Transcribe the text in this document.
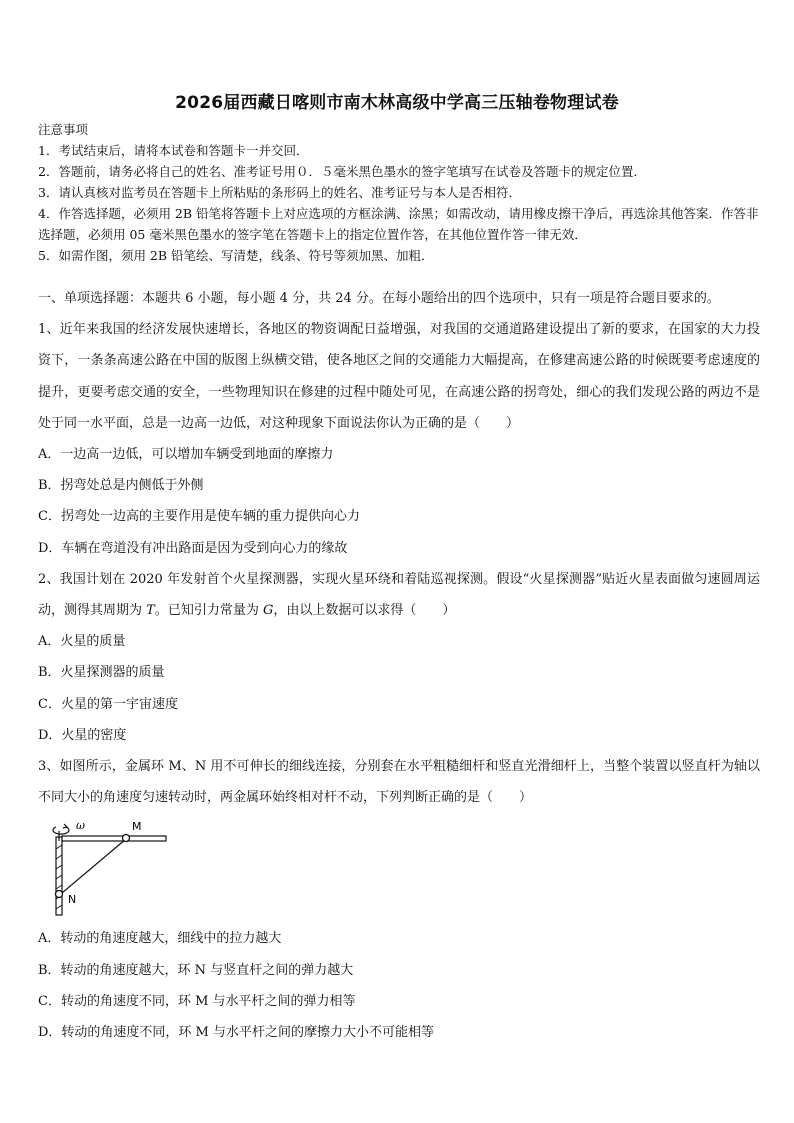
2026届西藏日喀则市南木林高级中学高三压轴卷物理试卷
注意事项
1．考试结束后，请将本试卷和答题卡一并交回．
2．答题前，请务必将自己的姓名、准考证号用０．５毫米黑色墨水的签字笔填写在试卷及答题卡的规定位置．
3．请认真核对监考员在答题卡上所粘贴的条形码上的姓名、准考证号与本人是否相符．
4．作答选择题，必须用 2B 铅笔将答题卡上对应选项的方框涂满、涂黑；如需改动，请用橡皮擦干净后，再选涂其他答案．作答非选择题，必须用 05 毫米黑色墨水的签字笔在答题卡上的指定位置作答，在其他位置作答一律无效．
5．如需作图，须用 2B 铅笔绘、写清楚，线条、符号等须加黑、加粗．
一、单项选择题：本题共 6 小题，每小题 4 分，共 24 分。在每小题给出的四个选项中，只有一项是符合题目要求的。
1、近年来我国的经济发展快速增长，各地区的物资调配日益增强，对我国的交通道路建设提出了新的要求，在国家的大力投资下，一条条高速公路在中国的版图上纵横交错，使各地区之间的交通能力大幅提高，在修建高速公路的时候既要考虑速度的提升，更要考虑交通的安全，一些物理知识在修建的过程中随处可见，在高速公路的拐弯处，细心的我们发现公路的两边不是处于同一水平面，总是一边高一边低，对这种现象下面说法你认为正确的是（　　）
A．一边高一边低，可以增加车辆受到地面的摩擦力
B．拐弯处总是内侧低于外侧
C．拐弯处一边高的主要作用是使车辆的重力提供向心力
D．车辆在弯道没有冲出路面是因为受到向心力的缘故
2、我国计划在 2020 年发射首个火星探测器，实现火星环绕和着陆巡视探测。假设“火星探测器”贴近火星表面做匀速圆周运动，测得其周期为 T。已知引力常量为 G，由以上数据可以求得（　　）
A．火星的质量
B．火星探测器的质量
C．火星的第一宇宙速度
D．火星的密度
3、如图所示，金属环 M、N 用不可伸长的细线连接，分别套在水平粗糙细杆和竖直光滑细杆上，当整个装置以竖直杆为轴以不同大小的角速度匀速转动时，两金属环始终相对杆不动，下列判断正确的是（　　）
ω	M
N
A．转动的角速度越大，细线中的拉力越大
B．转动的角速度越大，环 N 与竖直杆之间的弹力越大
C．转动的角速度不同，环 M 与水平杆之间的弹力相等
D．转动的角速度不同，环 M 与水平杆之间的摩擦力大小不可能相等
